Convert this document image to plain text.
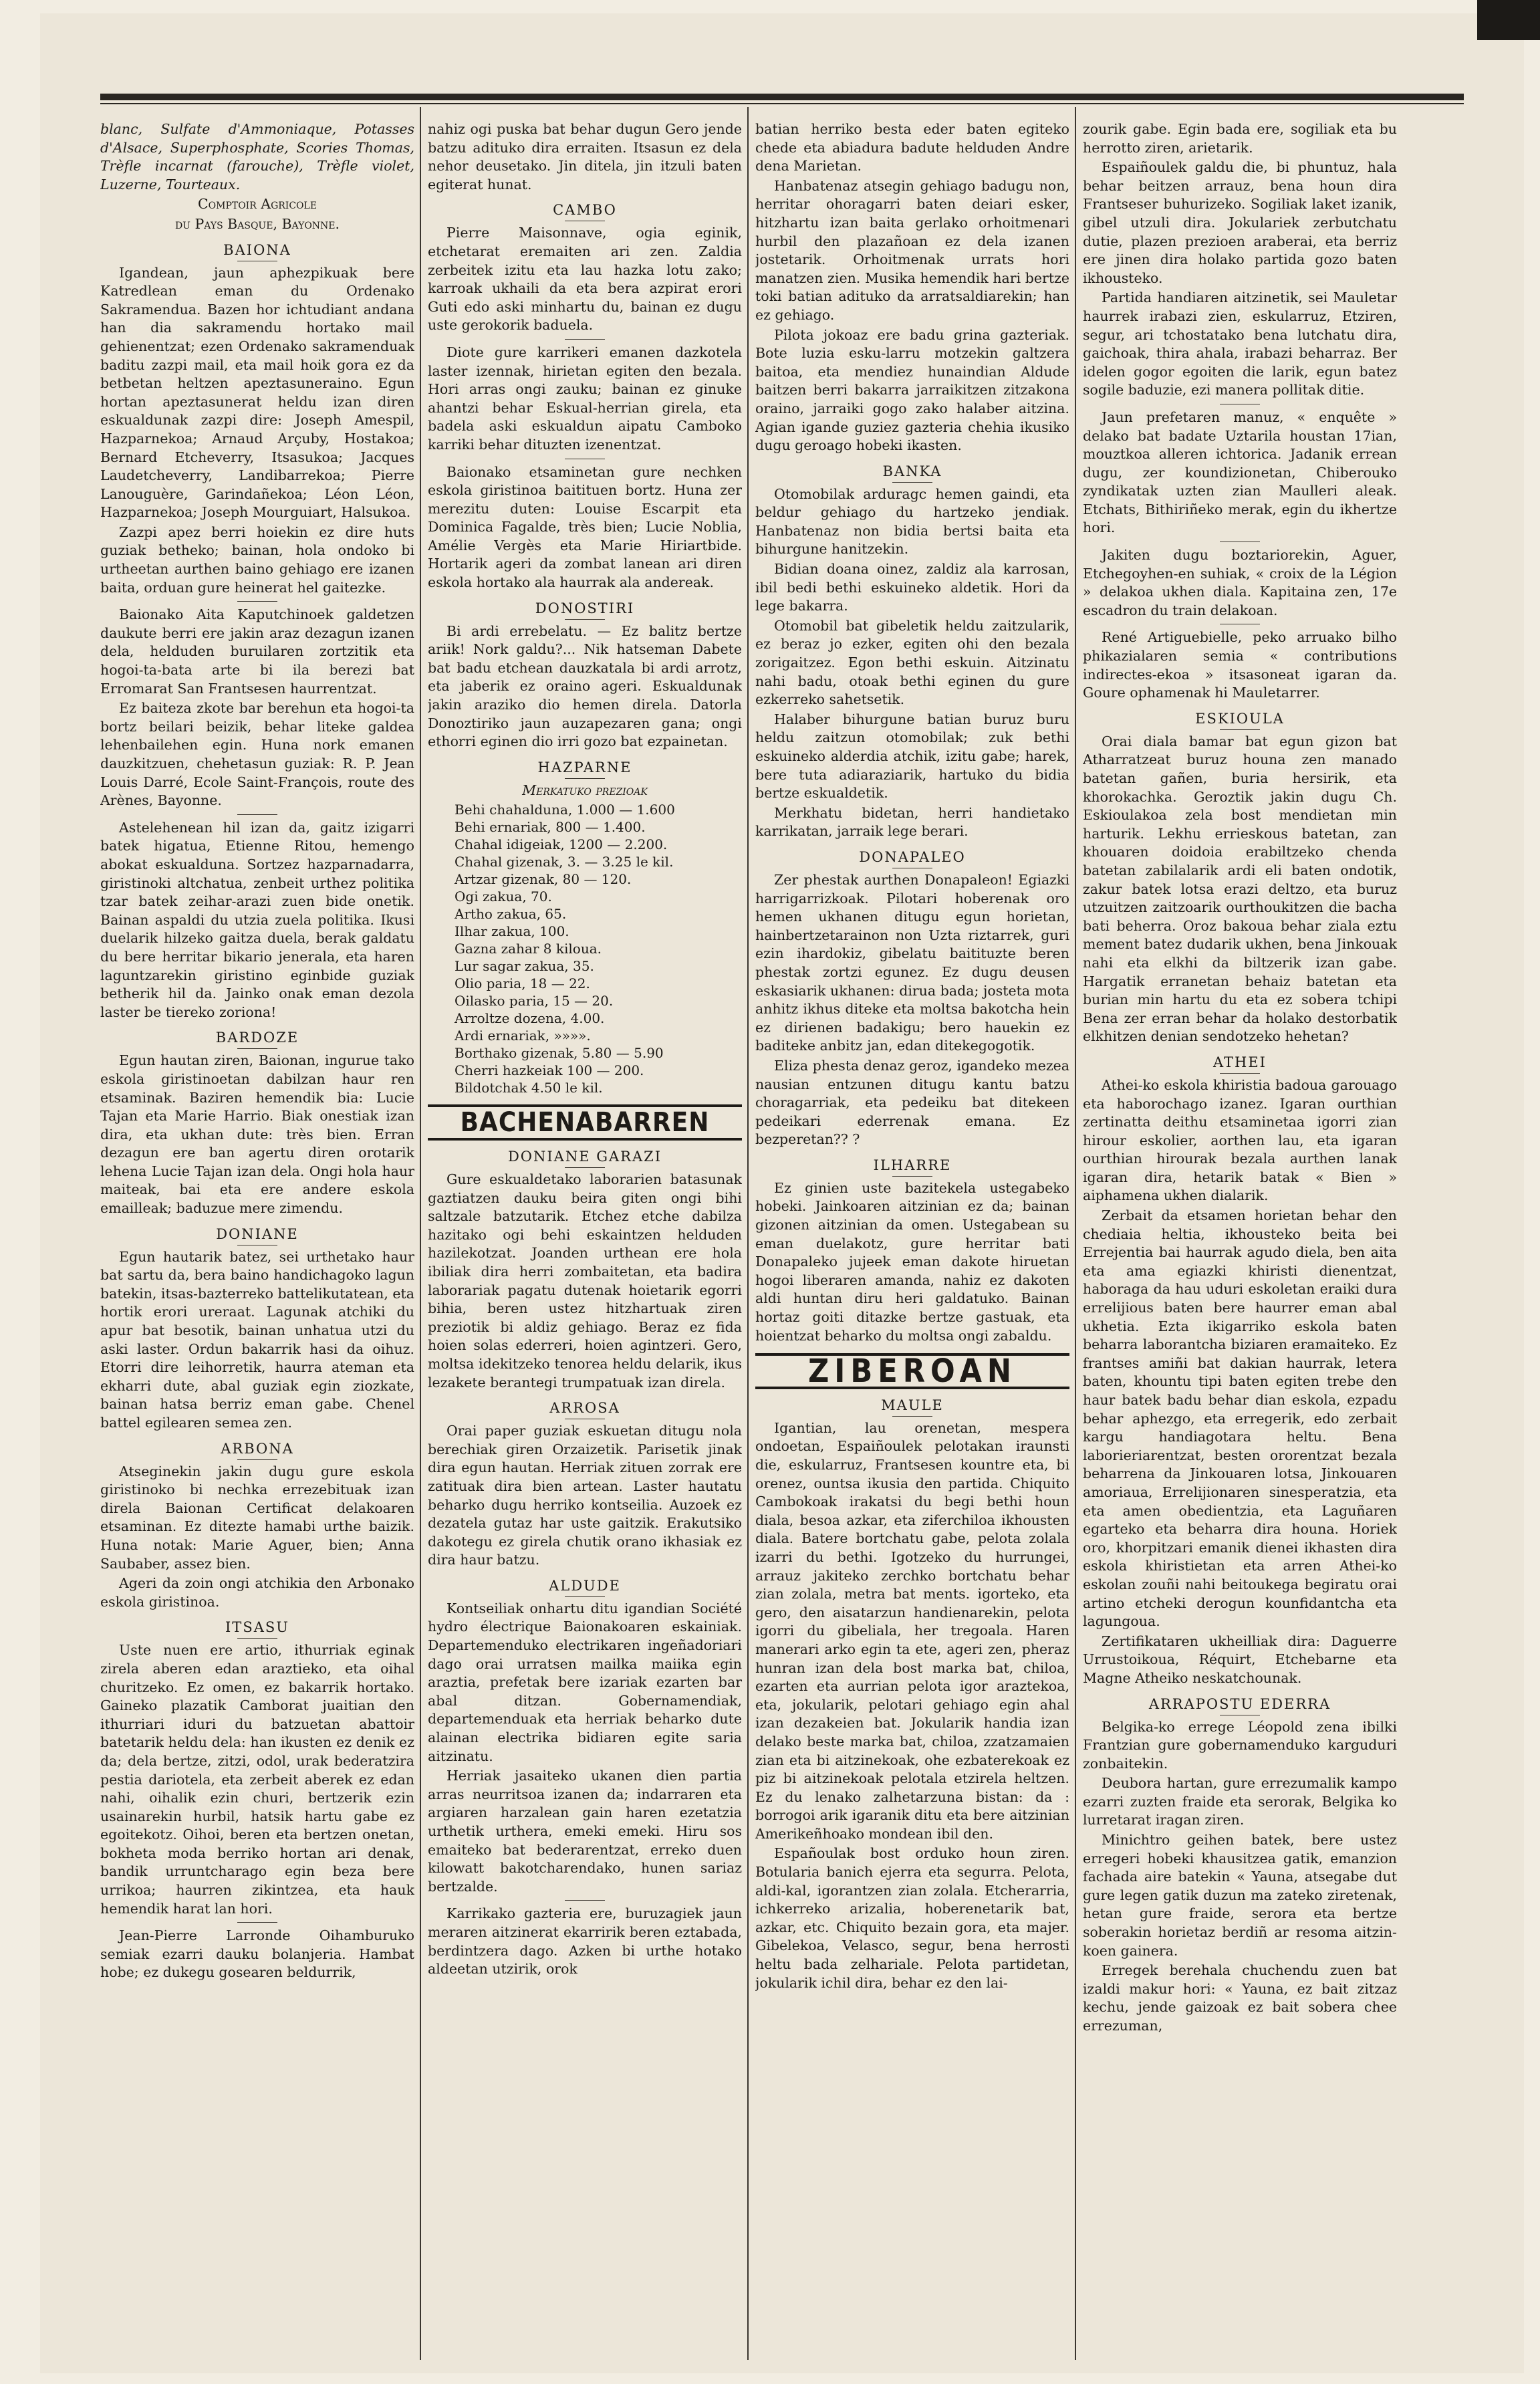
blanc, Sulfate d'Ammoniaque, Potasses d'Alsace, Superphosphate, Scories Thomas, Trèfle incarnat (farouche), Trèfle violet, Luzerne, Tourteaux.

Comptoir Agricole

du Pays Basque, Bayonne.

BAIONA

Igandean, jaun aphezpikuak bere Katredlean eman du Ordenako Sakramendua. Bazen hor ichtudiant andana han dia sakramendu hortako mail gehienentzat; ezen Ordenako sakramenduak baditu zazpi mail, eta mail hoik gora ez da betbetan heltzen apeztasuneraino. Egun hortan apeztasunerat heldu izan diren eskualdunak zazpi dire: Joseph Amespil, Hazparnekoa; Arnaud Arçuby, Hostakoa; Bernard Etcheverry, Itsasukoa; Jacques Laudetcheverry, Landibarrekoa; Pierre Lanouguère, Garindañekoa; Léon Léon, Hazparnekoa; Joseph Mourguiart, Halsukoa.

Zazpi apez berri hoiekin ez dire huts guziak betheko; bainan, hola ondoko bi urtheetan aurthen baino gehiago ere izanen baita, orduan gure heinerat hel gaitezke.

Baionako Aita Kaputchinoek galdetzen daukute berri ere jakin araz dezagun izanen dela, helduden buruilaren zortzitik eta hogoi-ta-bata arte bi ila berezi bat Erromarat San Frantsesen haurrentzat.

Ez baiteza zkote bar berehun eta hogoi-ta bortz beilari beizik, behar liteke galdea lehenbailehen egin. Huna nork emanen dauzkitzuen, chehetasun guziak: R. P. Jean Louis Darré, Ecole Saint-François, route des Arènes, Bayonne.

Astelehenean hil izan da, gaitz izigarri batek higatua, Etienne Ritou, hemengo abokat eskualduna. Sortzez hazparnadarra, giristinoki altchatua, zenbeit urthez politika tzar batek zeihar-arazi zuen bide onetik. Bainan aspaldi du utzia zuela politika. Ikusi duelarik hilzeko gaitza duela, berak galdatu du bere herritar bikario jenerala, eta haren laguntzarekin giristino eginbide guziak betherik hil da. Jainko onak eman dezola laster be tiereko zoriona!

BARDOZE

Egun hautan ziren, Baionan, ingurue tako eskola giristinoetan dabilzan haur ren etsaminak. Baziren hemendik bia: Lucie Tajan eta Marie Harrio. Biak onestiak izan dira, eta ukhan dute: très bien. Erran dezagun ere ban agertu diren orotarik lehena Lucie Tajan izan dela. Ongi hola haur maiteak, bai eta ere andere eskola emailleak; baduzue mere zimendu.

DONIANE

Egun hautarik batez, sei urthetako haur bat sartu da, bera baino handichagoko lagun batekin, itsas-bazterreko battelikutatean, eta hortik erori ureraat. Lagunak atchiki du apur bat besotik, bainan unhatua utzi du aski laster. Ordun bakarrik hasi da oihuz. Etorri dire leihorretik, haurra ateman eta ekharri dute, abal guziak egin ziozkate, bainan hatsa berriz eman gabe. Chenel battel egilearen semea zen.

ARBONA

Atseginekin jakin dugu gure eskola giristinoko bi nechka errezebituak izan direla Baionan Certificat delakoaren etsaminan. Ez ditezte hamabi urthe baizik. Huna notak: Marie Aguer, bien; Anna Saubaber, assez bien.

Ageri da zoin ongi atchikia den Arbonako eskola giristinoa.

ITSASU

Uste nuen ere artio, ithurriak eginak zirela aberen edan araztieko, eta oihal churitzeko. Ez omen, ez bakarrik hortako. Gaineko plazatik Camborat juaitian den ithurriari iduri du batzuetan abattoir batetarik heldu dela: han ikusten ez denik ez da; dela bertze, zitzi, odol, urak bederatzira pestia dariotela, eta zerbeit aberek ez edan nahi, oihalik ezin churi, bertzerik ezin usainarekin hurbil, hatsik hartu gabe ez egoitekotz. Oihoi, beren eta bertzen onetan, bokheta moda berriko hortan ari denak, bandik urruntcharago egin beza bere urrikoa; haurren zikintzea, eta hauk hemendik harat lan hori.

Jean-Pierre Larronde Oihamburuko semiak ezarri dauku bolanjeria. Hambat hobe; ez dukegu gosearen beldurrik,

nahiz ogi puska bat behar dugun Gero jende batzu adituko dira erraiten. Itsasun ez dela nehor deusetako. Jin ditela, jin itzuli baten egiterat hunat.

CAMBO

Pierre Maisonnave, ogia eginik, etchetarat eremaiten ari zen. Zaldia zerbeitek izitu eta lau hazka lotu zako; karroak ukhaili da eta bera azpirat erori Guti edo aski minhartu du, bainan ez dugu uste gerokorik baduela.

Diote gure karrikeri emanen dazkotela laster izennak, hirietan egiten den bezala. Hori arras ongi zauku; bainan ez ginuke ahantzi behar Eskual-herrian girela, eta badela aski eskualdun aipatu Camboko karriki behar dituzten izenentzat.

Baionako etsaminetan gure nechken eskola giristinoa baitituen bortz. Huna zer merezitu duten: Louise Escarpit eta Dominica Fagalde, très bien; Lucie Noblia, Amélie Vergès eta Marie Hiriartbide. Hortarik ageri da zombat lanean ari diren eskola hortako ala haurrak ala andereak.

DONOSTIRI

Bi ardi errebelatu. — Ez balitz bertze ariik! Nork galdu?... Nik hatseman Dabete bat badu etchean dauzkatala bi ardi arrotz, eta jaberik ez oraino ageri. Eskualdunak jakin araziko dio hemen direla. Datorla Donoztiriko jaun auzapezaren gana; ongi ethorri eginen dio irri gozo bat ezpainetan.

HAZPARNE

Merkatuko prezioak

Behi chahalduna, 1.000 — 1.600
Behi ernariak, 800 — 1.400.
Chahal idigeiak, 1200 — 2.200.
Chahal gizenak, 3. — 3.25 le kil.
Artzar gizenak, 80 — 120.
Ogi zakua, 70.
Artho zakua, 65.
Ilhar zakua, 100.
Gazna zahar 8 kiloua.
Lur sagar zakua, 35.
Olio paria, 18 — 22.
Oilasko paria, 15 — 20.
Arroltze dozena, 4.00.
Ardi ernariak, »»»».
Borthako gizenak, 5.80 — 5.90
Cherri hazkeiak 100 — 200.
Bildotchak 4.50 le kil.
BACHENABARREN
DONIANE GARAZI

Gure eskualdetako laborarien batasunak gaztiatzen dauku beira giten ongi bihi saltzale batzutarik. Etchez etche dabilza hazitako ogi behi eskaintzen helduden hazilekotzat. Joanden urthean ere hola ibiliak dira herri zombaitetan, eta badira laborariak pagatu dutenak hoietarik egorri bihia, beren ustez hitzhartuak ziren preziotik bi aldiz gehiago. Beraz ez fida hoien solas ederreri, hoien agintzeri. Gero, moltsa idekitzeko tenorea heldu delarik, ikus lezakete berantegi trumpatuak izan direla.

ARROSA

Orai paper guziak eskuetan ditugu nola berechiak giren Orzaizetik. Parisetik jinak dira egun hautan. Herriak zituen zorrak ere zatituak dira bien artean. Laster hautatu beharko dugu herriko kontseilia. Auzoek ez dezatela gutaz har uste gaitzik. Erakutsiko dakotegu ez girela chutik orano ikhasiak ez dira haur batzu.

ALDUDE

Kontseiliak onhartu ditu igandian Société hydro électrique Baionakoaren eskainiak. Departemenduko electrikaren ingeñadoriari dago orai urratsen mailka maiika egin araztia, prefetak bere izariak ezarten bar abal ditzan. Gobernamendiak, departemenduak eta herriak beharko dute alainan electrika bidiaren egite saria aitzinatu.

Herriak jasaiteko ukanen dien partia arras neurritsoa izanen da; indarraren eta argiaren harzalean gain haren ezetatzia urthetik urthera, emeki emeki. Hiru sos emaiteko bat bederarentzat, erreko duen kilowatt bakotcharendako, hunen sariaz bertzalde.

Karrikako gazteria ere, buruzagiek jaun meraren aitzinerat ekarririk beren eztabada, berdintzera dago. Azken bi urthe hotako aldeetan utzirik, orok

batian herriko besta eder baten egiteko chede eta abiadura badute helduden Andre dena Marietan.

Hanbatenaz atsegin gehiago badugu non, herritar ohoragarri baten deiari esker, hitzhartu izan baita gerlako orhoitmenari hurbil den plazañoan ez dela izanen jostetarik. Orhoitmenak urrats hori manatzen zien. Musika hemendik hari bertze toki batian adituko da arratsaldiarekin; han ez gehiago.

Pilota jokoaz ere badu grina gazteriak. Bote luzia esku-larru motzekin galtzera baitoa, eta mendiez hunaindian Aldude baitzen berri bakarra jarraikitzen zitzakona oraino, jarraiki gogo zako halaber aitzina. Agian igande guziez gazteria chehia ikusiko dugu geroago hobeki ikasten.

BANKA

Otomobilak arduragc hemen gaindi, eta beldur gehiago du hartzeko jendiak. Hanbatenaz non bidia bertsi baita eta bihurgune hanitzekin.

Bidian doana oinez, zaldiz ala karrosan, ibil bedi bethi eskuineko aldetik. Hori da lege bakarra.

Otomobil bat gibeletik heldu zaitzularik, ez beraz jo ezker, egiten ohi den bezala zorigaitzez. Egon bethi eskuin. Aitzinatu nahi badu, otoak bethi eginen du gure ezkerreko sahetsetik.

Halaber bihurgune batian buruz buru heldu zaitzun otomobilak; zuk bethi eskuineko alderdia atchik, izitu gabe; harek, bere tuta adiaraziarik, hartuko du bidia bertze eskualdetik.

Merkhatu bidetan, herri handietako karrikatan, jarraik lege berari.

DONAPALEO

Zer phestak aurthen Donapaleon! Egiazki harrigarrizkoak. Pilotari hoberenak oro hemen ukhanen ditugu egun horietan, hainbertzetarainon non Uzta riztarrek, guri ezin ihardokiz, gibelatu baitituzte beren phestak zortzi egunez. Ez dugu deusen eskasiarik ukhanen: dirua bada; josteta mota anhitz ikhus diteke eta moltsa bakotcha hein ez dirienen badakigu; bero hauekin ez baditeke anbitz jan, edan ditekegogotik.

Eliza phesta denaz geroz, igandeko mezea nausian entzunen ditugu kantu batzu choragarriak, eta pedeiku bat ditekeen pedeikari ederrenak emana. Ez bezperetan?? ?

ILHARRE

Ez ginien uste bazitekela ustegabeko hobeki. Jainkoaren aitzinian ez da; bainan gizonen aitzinian da omen. Ustegabean su eman duelakotz, gure herritar bati Donapaleko jujeek eman dakote hiruetan hogoi liberaren amanda, nahiz ez dakoten aldi huntan diru heri galdatuko. Bainan hortaz goiti ditazke bertze gastuak, eta hoientzat beharko du moltsa ongi zabaldu.

ZIBEROAN
MAULE

Igantian, lau orenetan, mespera ondoetan, Espaiñoulek pelotakan iraunsti die, eskularruz, Frantsesen kountre eta, bi orenez, ountsa ikusia den partida. Chiquito Cambokoak irakatsi du begi bethi houn diala, besoa azkar, eta ziferchiloa ikhousten diala. Batere bortchatu gabe, pelota zolala izarri du bethi. Igotzeko du hurrungei, arrauz jakiteko zerchko bortchatu behar zian zolala, metra bat ments. igorteko, eta gero, den aisatarzun handienarekin, pelota igorri du gibeliala, her tregoala. Haren manerari arko egin ta ete, ageri zen, pheraz hunran izan dela bost marka bat, chiloa, ezarten eta aurrian pelota igor araztekoa, eta, jokularik, pelotari gehiago egin ahal izan dezakeien bat. Jokularik handia izan delako beste marka bat, chiloa, zzatzamaien zian eta bi aitzinekoak, ohe ezbaterekoak ez piz bi aitzinekoak pelotala etzirela heltzen. Ez du lenako zalhetarzuna bistan: da : borrogoi arik igaranik ditu eta bere aitzinian Amerikeñhoako mondean ibil den.

Españoulak bost orduko houn ziren. Botularia banich ejerra eta segurra. Pelota, aldi-kal, igorantzen zian zolala. Etcherarria, ichkerreko arizalia, hoberenetarik bat, azkar, etc. Chiquito bezain gora, eta majer. Gibelekoa, Velasco, segur, bena herrosti heltu bada zelhariale. Pelota partidetan, jokularik ichil dira, behar ez den lai-

zourik gabe. Egin bada ere, sogiliak eta bu herrotto ziren, arietarik.

Espaiñoulek galdu die, bi phuntuz, hala behar beitzen arrauz, bena houn dira Frantseser buhurizeko. Sogiliak laket izanik, gibel utzuli dira. Jokulariek zerbutchatu dutie, plazen prezioen araberai, eta berriz ere jinen dira holako partida gozo baten ikhousteko.

Partida handiaren aitzinetik, sei Mauletar haurrek irabazi zien, eskularruz, Etziren, segur, ari tchostatako bena lutchatu dira, gaichoak, thira ahala, irabazi beharraz. Ber idelen gogor egoiten die larik, egun batez sogile baduzie, ezi manera pollitak ditie.

Jaun prefetaren manuz, « enquête » delako bat badate Uztarila houstan 17ian, mouztkoa alleren ichtorica. Jadanik errean dugu, zer koundizionetan, Chiberouko zyndikatak uzten zian Maulleri aleak. Etchats, Bithiriñeko merak, egin du ikhertze hori.

Jakiten dugu boztariorekin, Aguer, Etchegoyhen-en suhiak, « croix de la Légion » delakoa ukhen diala. Kapitaina zen, 17e escadron du train delakoan.

René Artiguebielle, peko arruako bilho phikazialaren semia « contributions indirectes-ekoa » itsasoneat igaran da. Goure ophamenak hi Mauletarrer.

ESKIOULA

Orai diala bamar bat egun gizon bat Atharratzeat buruz houna zen manado batetan gañen, buria hersirik, eta khorokachka. Geroztik jakin dugu Ch. Eskioulakoa zela bost mendietan min harturik. Lekhu errieskous batetan, zan khouaren doidoia erabiltzeko chenda batetan zabilalarik ardi eli baten ondotik, zakur batek lotsa erazi deltzo, eta buruz utzuitzen zaitzoarik ourthoukitzen die bacha bati beherra. Oroz bakoua behar ziala eztu mement batez dudarik ukhen, bena Jinkouak nahi eta elkhi da biltzerik izan gabe. Hargatik erranetan behaiz batetan eta burian min hartu du eta ez sobera tchipi Bena zer erran behar da holako destorbatik elkhitzen denian sendotzeko hehetan?

ATHEI

Athei-ko eskola khiristia badoua garouago eta haborochago izanez. Igaran ourthian zertinatta deithu etsaminetaa igorri zian hirour eskolier, aorthen lau, eta igaran ourthian hirourak bezala aurthen lanak igaran dira, hetarik batak « Bien » aiphamena ukhen dialarik.

Zerbait da etsamen horietan behar den chediaia heltia, ikhousteko beita bei Errejentia bai haurrak agudo diela, ben aita eta ama egiazki khiristi dienentzat, haboraga da hau uduri eskoletan eraiki dura errelijious baten bere haurrer eman abal ukhetia. Ezta ikigarriko eskola baten beharra laborantcha biziaren eramaiteko. Ez frantses amiñi bat dakian haurrak, letera baten, khountu tipi baten egiten trebe den haur batek badu behar dian eskola, ezpadu behar aphezgo, eta erregerik, edo zerbait kargu handiagotara heltu. Bena laborieriarentzat, besten ororentzat bezala beharrena da Jinkouaren lotsa, Jinkouaren amoriaua, Errelijionaren sinesperatzia, eta eta amen obedientzia, eta Laguñaren egarteko eta beharra dira houna. Horiek oro, khorpitzari emanik dienei ikhasten dira eskola khiristietan eta arren Athei-ko eskolan zouñi nahi beitoukega begiratu orai artino etcheki derogun kounfidantcha eta lagungoua.

Zertifikataren ukheilliak dira: Daguerre Urrustoikoua, Réquirt, Etchebarne eta Magne Atheiko neskatchounak.

ARRAPOSTU EDERRA

Belgika-ko errege Léopold zena ibilki Frantzian gure gobernamenduko karguduri zonbaitekin.

Deubora hartan, gure errezumalik kampo ezarri zuzten fraide eta serorak, Belgika ko lurretarat iragan ziren.

Minichtro geihen batek, bere ustez erregeri hobeki khausitzea gatik, emanzion fachada aire batekin « Yauna, atsegabe dut gure legen gatik duzun ma zateko ziretenak, hetan gure fraide, serora eta bertze soberakin horietaz berdiñ ar resoma aitzin-koen gainera.

Erregek berehala chuchendu zuen bat izaldi makur hori: « Yauna, ez bait zitzaz kechu, jende gaizoak ez bait sobera chee errezuman,
